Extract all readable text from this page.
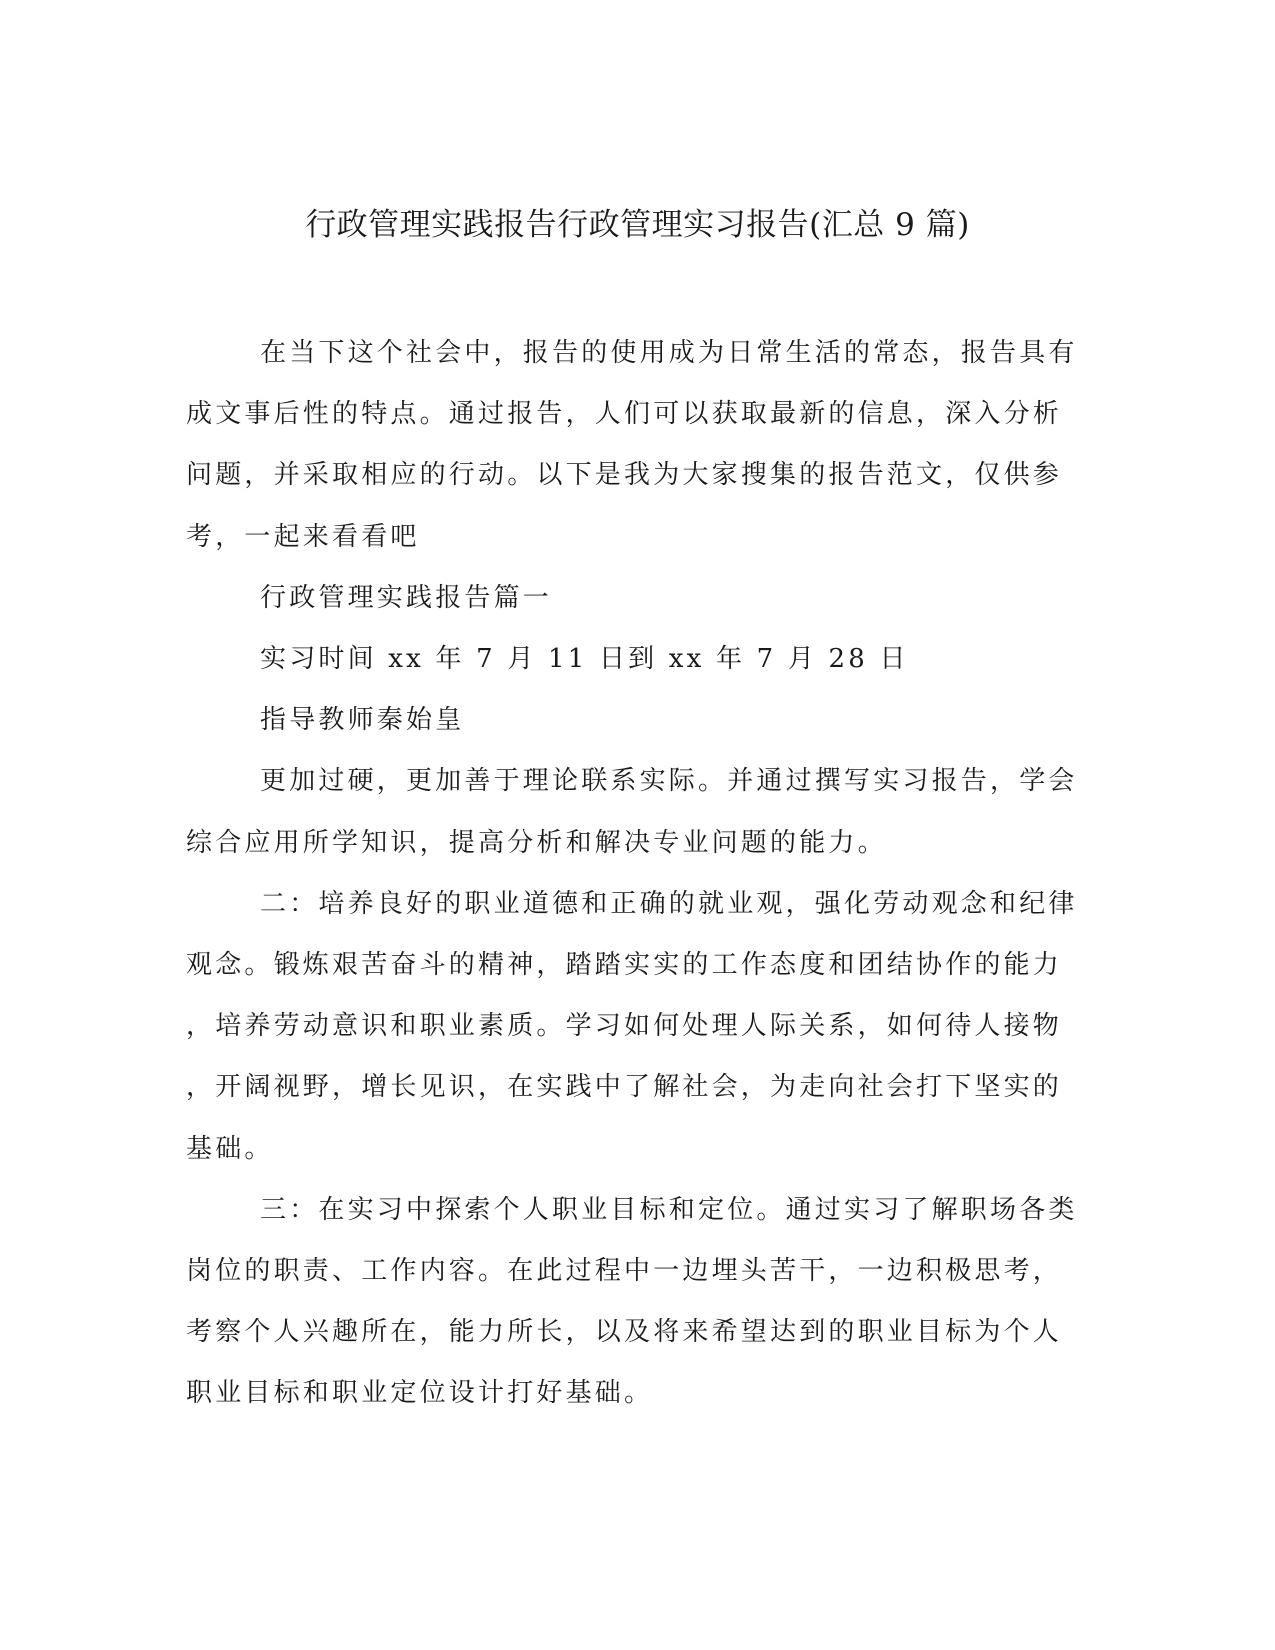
行政管理实践报告行政管理实习报告(汇总 9 篇)

在当下这个社会中，报告的使用成为日常生活的常态，报告具有
成文事后性的特点。通过报告，人们可以获取最新的信息，深入分析
问题，并采取相应的行动。以下是我为大家搜集的报告范文，仅供参
考，一起来看看吧

行政管理实践报告篇一

实习时间 xx 年 7 月 11 日到 xx 年 7 月 28 日

指导教师秦始皇

更加过硬，更加善于理论联系实际。并通过撰写实习报告，学会
综合应用所学知识，提高分析和解决专业问题的能力。

二：培养良好的职业道德和正确的就业观，强化劳动观念和纪律
观念。锻炼艰苦奋斗的精神，踏踏实实的工作态度和团结协作的能力
，培养劳动意识和职业素质。学习如何处理人际关系，如何待人接物
，开阔视野，增长见识，在实践中了解社会，为走向社会打下坚实的
基础。

三：在实习中探索个人职业目标和定位。通过实习了解职场各类
岗位的职责、工作内容。在此过程中一边埋头苦干，一边积极思考，
考察个人兴趣所在，能力所长，以及将来希望达到的职业目标为个人
职业目标和职业定位设计打好基础。
